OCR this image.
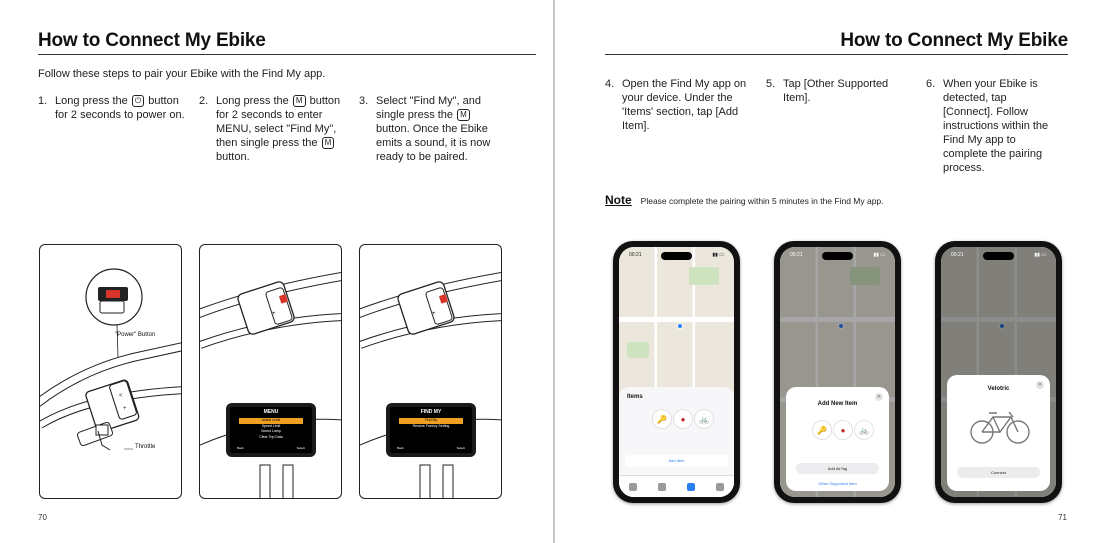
How to Connect My Ebike
Follow these steps to pair your Ebike with the Find My app.
1. Long press the ⏻ button for 2 seconds to power on.
2. Long press the M button for 2 seconds to enter MENU, select "Find My", then single press the Mbutton.
3. Select "Find My", and single press the M button. Once the Ebike emits a sound, it is now ready to be paired.
<
+
"Power" Button
Throttle
+
MENU
Assist Level
Speed Limit
Sound Lamp
Clear Trip Data
Back	Select
+
FIND MY
Find My
Restore Factory Setting
Back	Select
70
How to Connect My Ebike
4. Open the Find My app on your device. Under the 'Items' section, tap [Add Item].
5. Tap [Other Supported Item].
6. When your Ebike is detected, tap [Connect]. Follow instructions within the Find My app to complete the pairing process.
Note Please complete the pairing within 5 minutes in the Find My app.
00:21	▮▮ ▭
Items
🔑	●	🚲
Add Item
00:21	▮▮ ▭
✕
Add New Item
🔑	●	🚲
Add AirTag
Other Supported Item
00:21	▮▮ ▭
✕
Velotric
Connect
71
